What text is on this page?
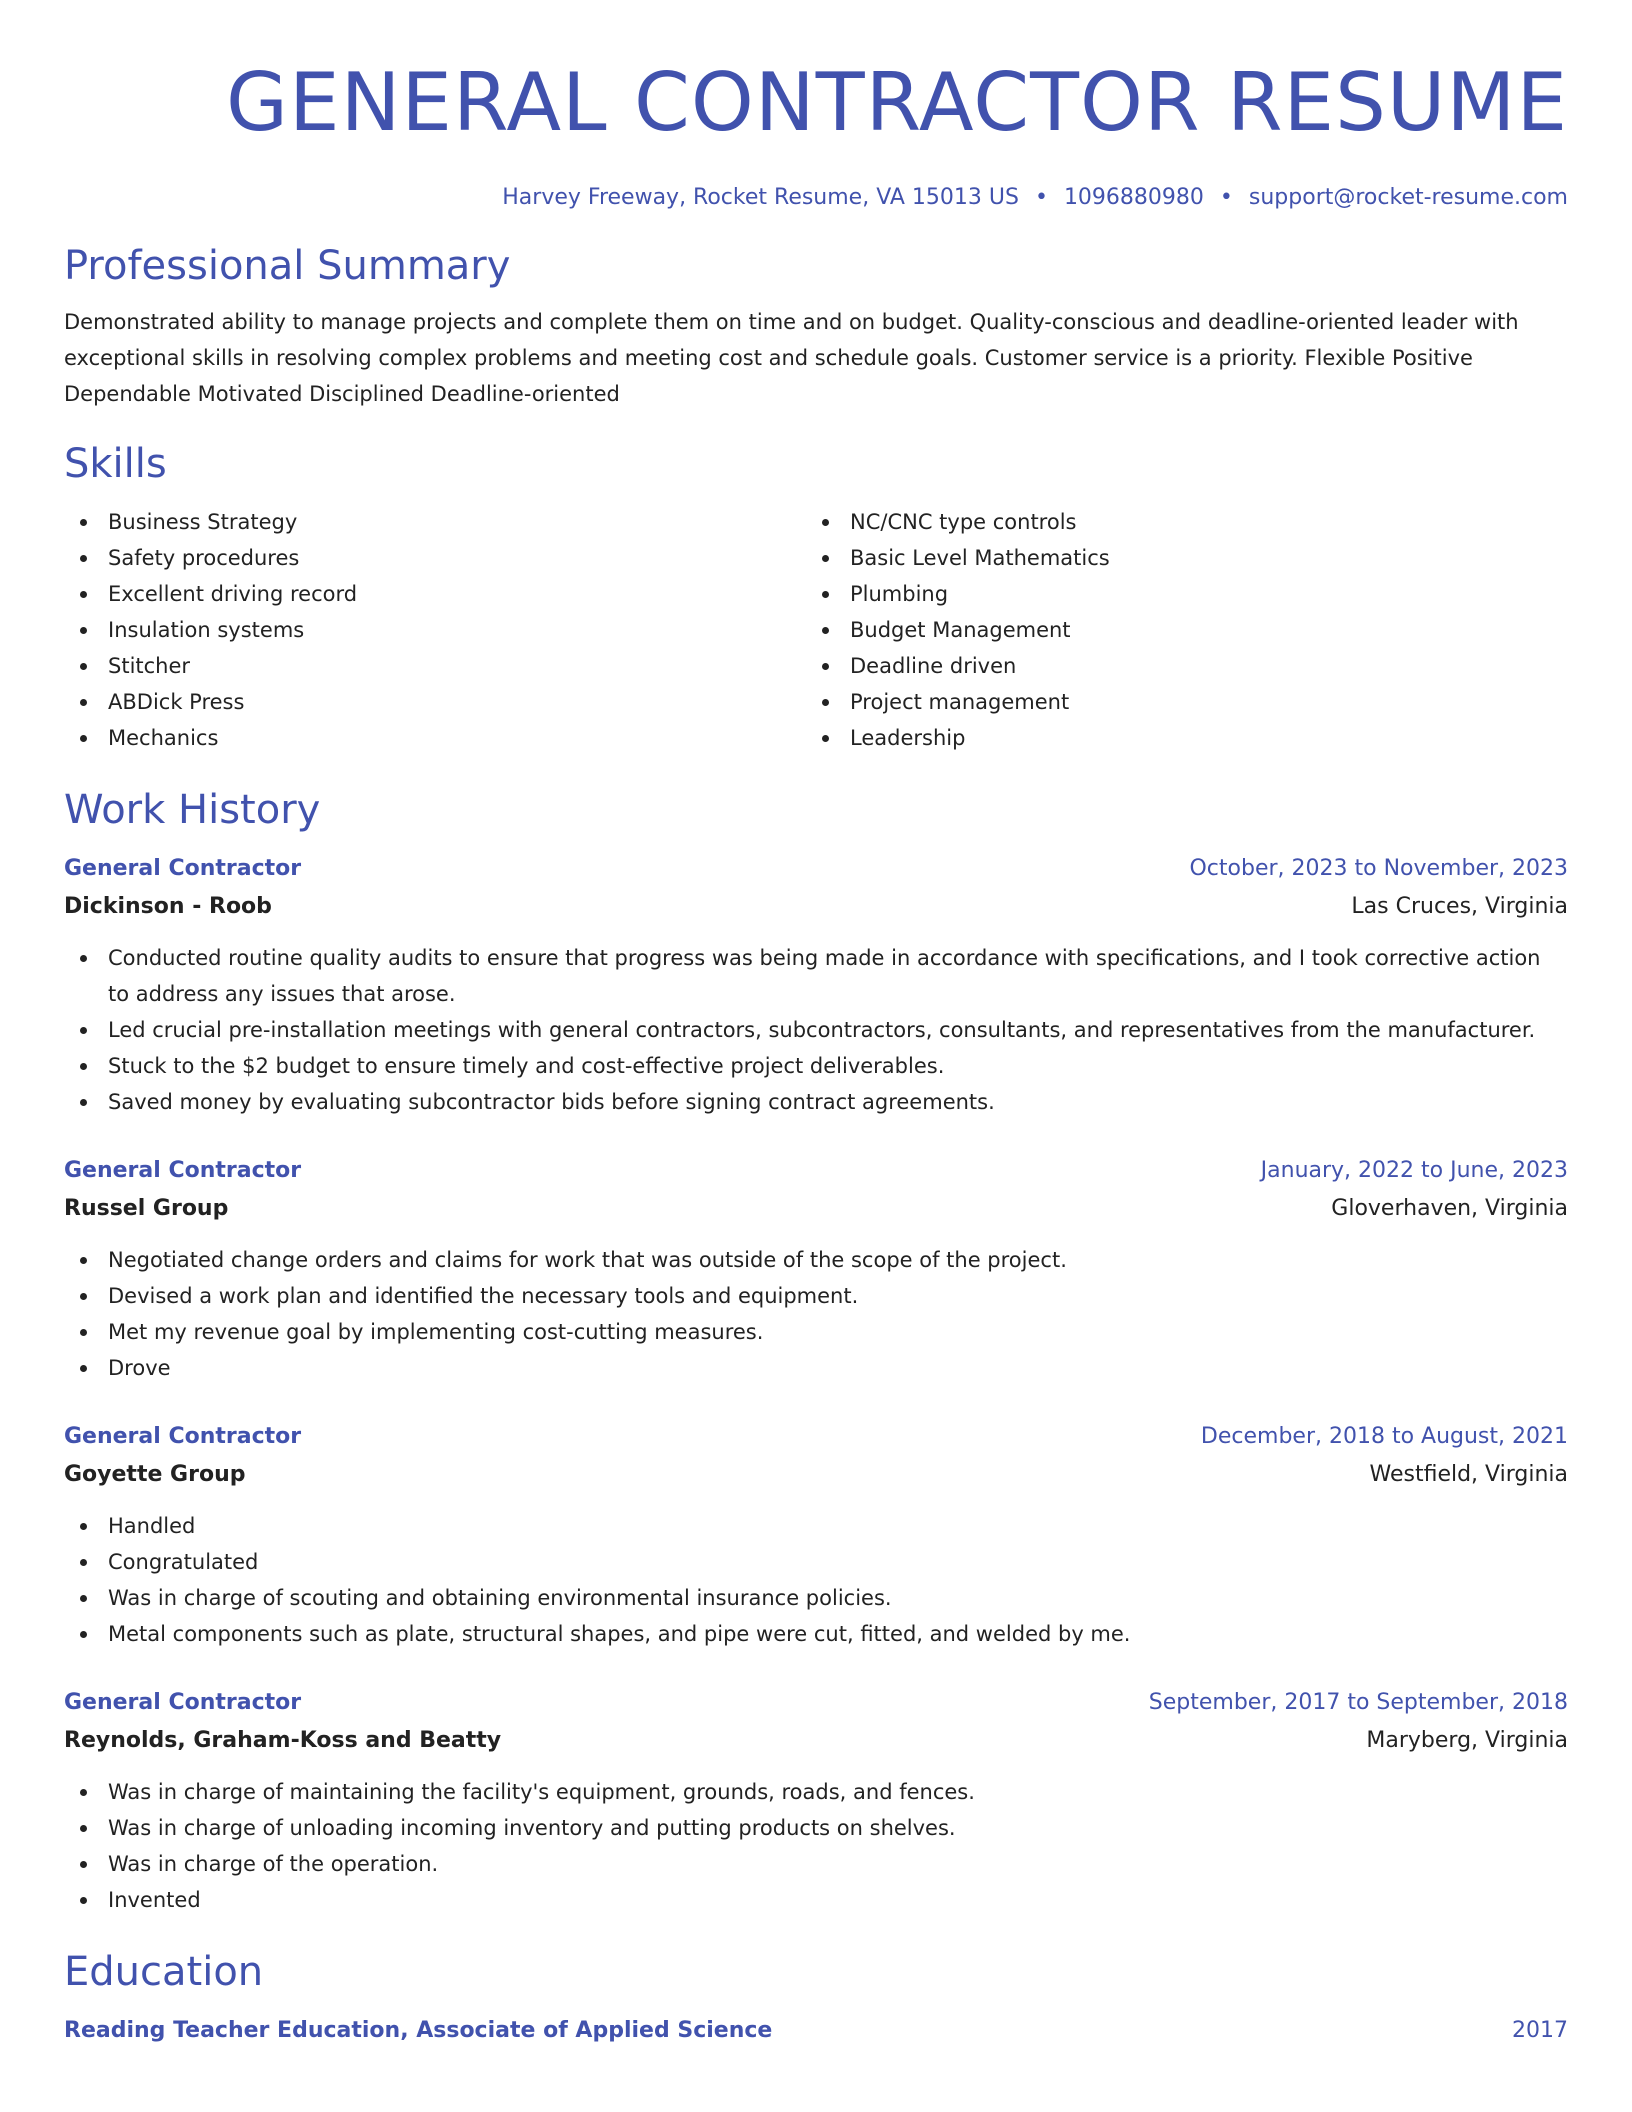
GENERAL CONTRACTOR RESUME
Harvey Freeway, Rocket Resume, VA 15013 US • 1096880980 • support@rocket-resume.com
Professional Summary
Demonstrated ability to manage projects and complete them on time and on budget. Quality-conscious and deadline-oriented leader with exceptional skills in resolving complex problems and meeting cost and schedule goals. Customer service is a priority. Flexible Positive Dependable Motivated Disciplined Deadline-oriented
Skills
Business Strategy
Safety procedures
Excellent driving record
Insulation systems
Stitcher
ABDick Press
Mechanics
NC/CNC type controls
Basic Level Mathematics
Plumbing
Budget Management
Deadline driven
Project management
Leadership
Work History
General Contractor	October, 2023 to November, 2023
Dickinson - Roob	Las Cruces, Virginia
Conducted routine quality audits to ensure that progress was being made in accordance with specifications, and I took corrective action to address any issues that arose.
Led crucial pre-installation meetings with general contractors, subcontractors, consultants, and representatives from the manufacturer.
Stuck to the $2 budget to ensure timely and cost-effective project deliverables.
Saved money by evaluating subcontractor bids before signing contract agreements.
General Contractor	January, 2022 to June, 2023
Russel Group	Gloverhaven, Virginia
Negotiated change orders and claims for work that was outside of the scope of the project.
Devised a work plan and identified the necessary tools and equipment.
Met my revenue goal by implementing cost-cutting measures.
Drove
General Contractor	December, 2018 to August, 2021
Goyette Group	Westfield, Virginia
Handled
Congratulated
Was in charge of scouting and obtaining environmental insurance policies.
Metal components such as plate, structural shapes, and pipe were cut, fitted, and welded by me.
General Contractor	September, 2017 to September, 2018
Reynolds, Graham-Koss and Beatty	Maryberg, Virginia
Was in charge of maintaining the facility's equipment, grounds, roads, and fences.
Was in charge of unloading incoming inventory and putting products on shelves.
Was in charge of the operation.
Invented
Education
Reading Teacher Education, Associate of Applied Science	2017
